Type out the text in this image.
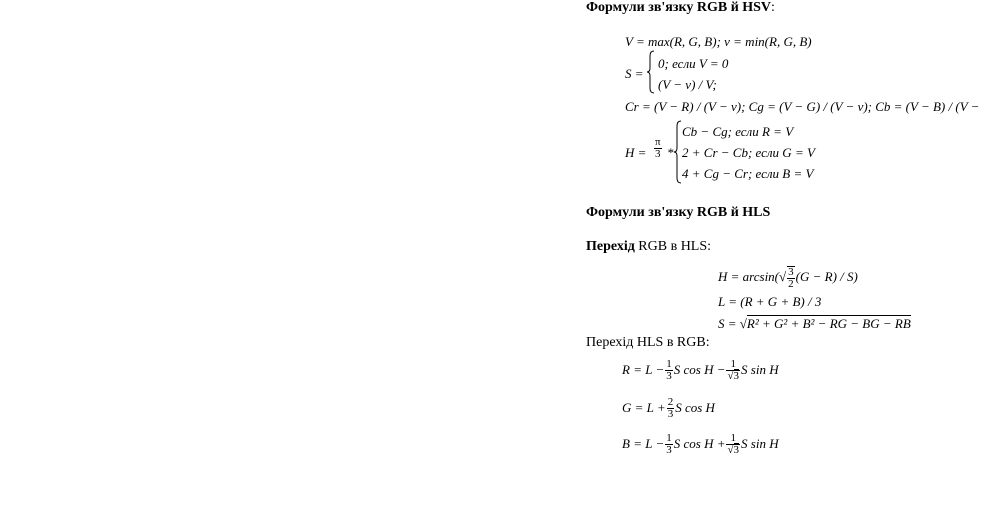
Формули зв'язку RGB й HSV:
V = max(R, G, B); v = min(R, G, B)
S =
0; если V = 0
(V − v) / V;
Cr = (V − R) / (V − v); Cg = (V − G) / (V − v); Cb = (V − B) / (V −
$H = \frac{\pi}{3}$ *
Cb − Cg; если R = V
2 + Cr − Cb; если G = V
4 + Cg − Cr; если B = V
Формули зв'язку RGB й HLS
Перехід RGB в HLS:
$H = \arcsin(√ \frac{3}{2} (G - R) / S)$
L = (R + G + B) / 3
S = √R² + G² + B² − RG − BG − RB
Перехід HLS в RGB:
$R = L - \frac{1}{3}$ S $\cos H - \frac{1}{√3}$ S sin H
$G = L + \frac{2}{3}$ S cos H
$B = L - \frac{1}{3}$ S $\cos H + \frac{1}{√3}$ S sin H
